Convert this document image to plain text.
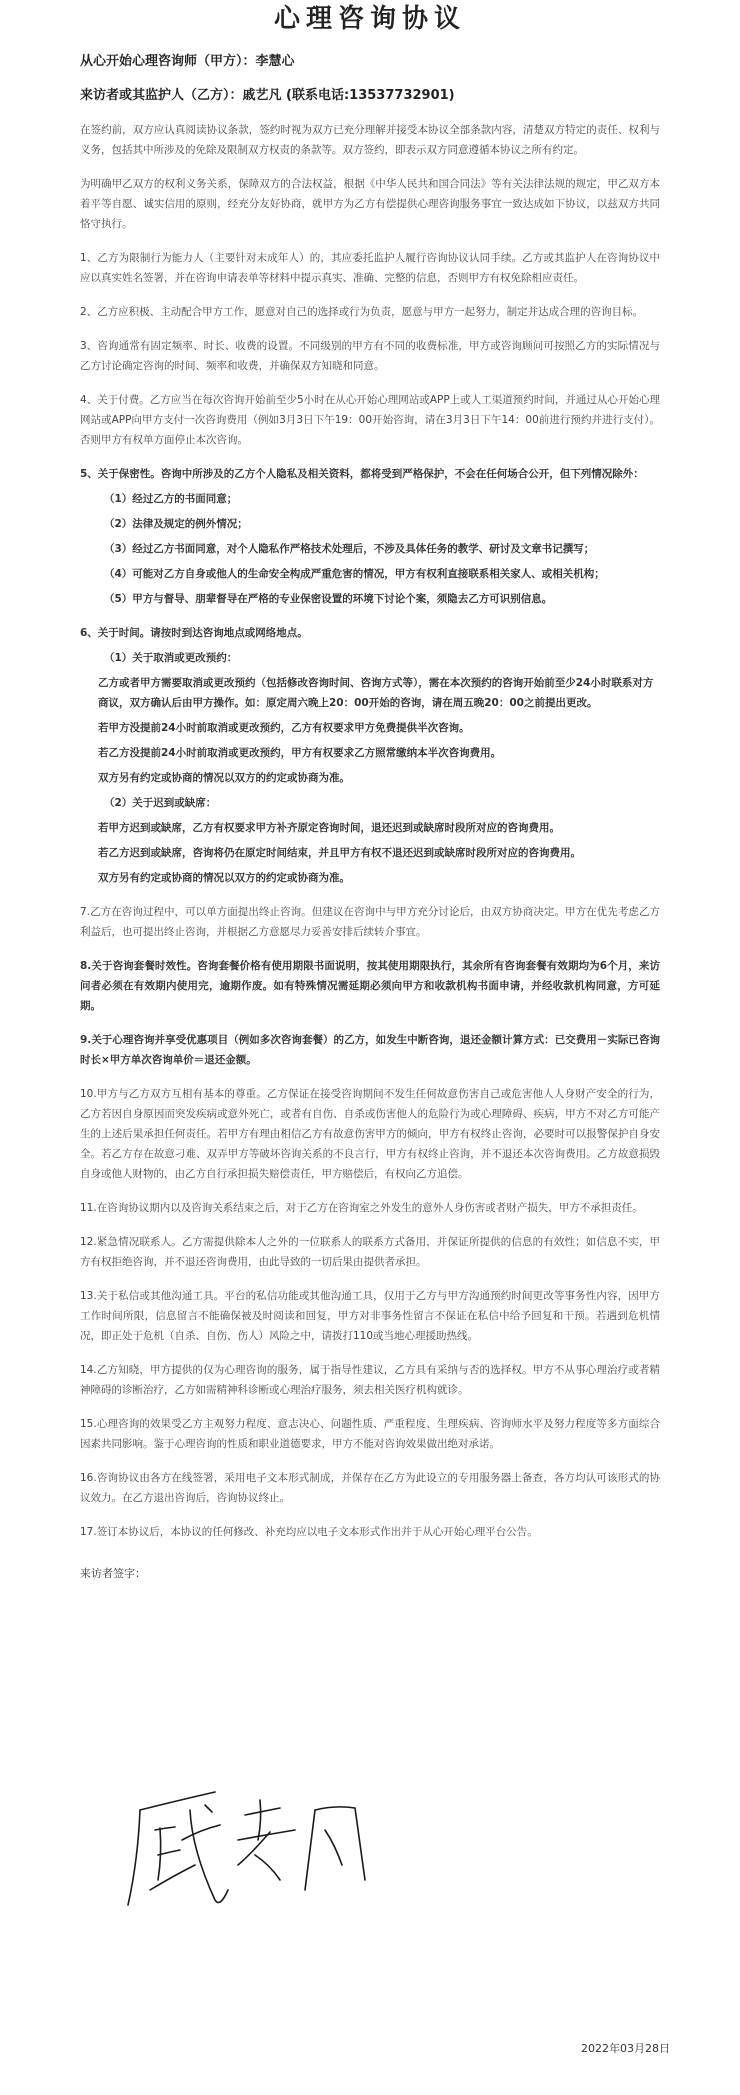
心理咨询协议

从心开始心理咨询师（甲方）：李慧心

来访者或其监护人（乙方）：戚艺凡 (联系电话:13537732901)

在签约前，双方应认真阅读协议条款，签约时视为双方已充分理解并接受本协议全部条款内容，清楚双方特定的责任、权利与义务，包括其中所涉及的免除及限制双方权责的条款等。双方签约，即表示双方同意遵循本协议之所有约定。

为明确甲乙双方的权利义务关系，保障双方的合法权益，根据《中华人民共和国合同法》等有关法律法规的规定，甲乙双方本着平等自愿、诚实信用的原则，经充分友好协商，就甲方为乙方有偿提供心理咨询服务事宜一致达成如下协议，以兹双方共同恪守执行。

1、乙方为限制行为能力人（主要针对未成年人）的，其应委托监护人履行咨询协议认同手续。乙方或其监护人在咨询协议中应以真实姓名签署，并在咨询申请表单等材料中提示真实、准确、完整的信息，否则甲方有权免除相应责任。

2、乙方应积极、主动配合甲方工作，愿意对自己的选择或行为负责，愿意与甲方一起努力，制定并达成合理的咨询目标。

3、咨询通常有固定频率、时长、收费的设置。不同级别的甲方有不同的收费标准，甲方或咨询顾问可按照乙方的实际情况与乙方讨论确定咨询的时间、频率和收费，并确保双方知晓和同意。

4、关于付费。乙方应当在每次咨询开始前至少5小时在从心开始心理网站或APP上或人工渠道预约时间，并通过从心开始心理网站或APP向甲方支付一次咨询费用（例如3月3日下午19：00开始咨询，请在3月3日下午14：00前进行预约并进行支付）。否则甲方有权单方面停止本次咨询。

5、关于保密性。咨询中所涉及的乙方个人隐私及相关资料，都将受到严格保护，不会在任何场合公开，但下列情况除外：

（1）经过乙方的书面同意；

（2）法律及规定的例外情况；

（3）经过乙方书面同意，对个人隐私作严格技术处理后，不涉及具体任务的教学、研讨及文章书记撰写；

（4）可能对乙方自身或他人的生命安全构成严重危害的情况，甲方有权利直接联系相关家人、或相关机构；

（5）甲方与督导、朋辈督导在严格的专业保密设置的环境下讨论个案，须隐去乙方可识别信息。

6、关于时间。请按时到达咨询地点或网络地点。

（1）关于取消或更改预约：

乙方或者甲方需要取消或更改预约（包括修改咨询时间、咨询方式等），需在本次预约的咨询开始前至少24小时联系对方商议，双方确认后由甲方操作。如：原定周六晚上20：00开始的咨询，请在周五晚20：00之前提出更改。

若甲方没提前24小时前取消或更改预约，乙方有权要求甲方免费提供半次咨询。

若乙方没提前24小时前取消或更改预约，甲方有权要求乙方照常缴纳本半次咨询费用。

双方另有约定或协商的情况以双方的约定或协商为准。

（2）关于迟到或缺席：

若甲方迟到或缺席，乙方有权要求甲方补齐原定咨询时间，退还迟到或缺席时段所对应的咨询费用。

若乙方迟到或缺席，咨询将仍在原定时间结束，并且甲方有权不退还迟到或缺席时段所对应的咨询费用。

双方另有约定或协商的情况以双方的约定或协商为准。

7.乙方在咨询过程中，可以单方面提出终止咨询。但建议在咨询中与甲方充分讨论后，由双方协商决定。甲方在优先考虑乙方利益后，也可提出终止咨询，并根据乙方意愿尽力妥善安排后续转介事宜。

8.关于咨询套餐时效性。咨询套餐价格有使用期限书面说明，按其使用期限执行，其余所有咨询套餐有效期均为6个月，来访问者必须在有效期内使用完，逾期作废。如有特殊情况需延期必须向甲方和收款机构书面申请，并经收款机构同意，方可延期。

9.关于心理咨询并享受优惠项目（例如多次咨询套餐）的乙方，如发生中断咨询，退还金额计算方式：已交费用－实际已咨询时长×甲方单次咨询单价＝退还金额。

10.甲方与乙方双方互相有基本的尊重。乙方保证在接受咨询期间不发生任何故意伤害自己或危害他人人身财产安全的行为，乙方若因自身原因而突发疾病或意外死亡，或者有自伤、自杀或伤害他人的危险行为或心理障碍、疾病，甲方不对乙方可能产生的上述后果承担任何责任。若甲方有理由相信乙方有故意伤害甲方的倾向，甲方有权终止咨询，必要时可以报警保护自身安全。若乙方存在故意刁难、双弄甲方等破坏咨询关系的不良言行，甲方有权终止咨询，并不退还本次咨询费用。乙方故意损毁自身或他人财物的，由乙方自行承担损失赔偿责任，甲方赔偿后，有权向乙方追偿。

11.在咨询协议期内以及咨询关系结束之后，对于乙方在咨询室之外发生的意外人身伤害或者财产损失，甲方不承担责任。

12.紧急情况联系人。乙方需提供除本人之外的一位联系人的联系方式备用，并保证所提供的信息的有效性；如信息不实，甲方有权拒绝咨询，并不退还咨询费用，由此导致的一切后果由提供者承担。

13.关于私信或其他沟通工具。平台的私信功能或其他沟通工具，仅用于乙方与甲方沟通预约时间更改等事务性内容，因甲方工作时间所限，信息留言不能确保被及时阅读和回复，甲方对非事务性留言不保证在私信中给予回复和干预。若遇到危机情况，即正处于危机（自杀、自伤、伤人）风险之中，请拨打110或当地心理援助热线。

14.乙方知晓，甲方提供的仅为心理咨询的服务，属于指导性建议，乙方具有采纳与否的选择权。甲方不从事心理治疗或者精神障碍的诊断治疗，乙方如需精神科诊断或心理治疗服务，须去相关医疗机构就诊。

15.心理咨询的效果受乙方主观努力程度、意志决心、问题性质、严重程度、生理疾病、咨询师水平及努力程度等多方面综合因素共同影响。鉴于心理咨询的性质和职业道德要求，甲方不能对咨询效果做出绝对承诺。

16.咨询协议由各方在线签署，采用电子文本形式制成，并保存在乙方为此设立的专用服务器上备查，各方均认可该形式的协议效力。在乙方退出咨询后，咨询协议终止。

17.签订本协议后，本协议的任何修改、补充均应以电子文本形式作出并于从心开始心理平台公告。

来访者签字：

2022年03月28日
